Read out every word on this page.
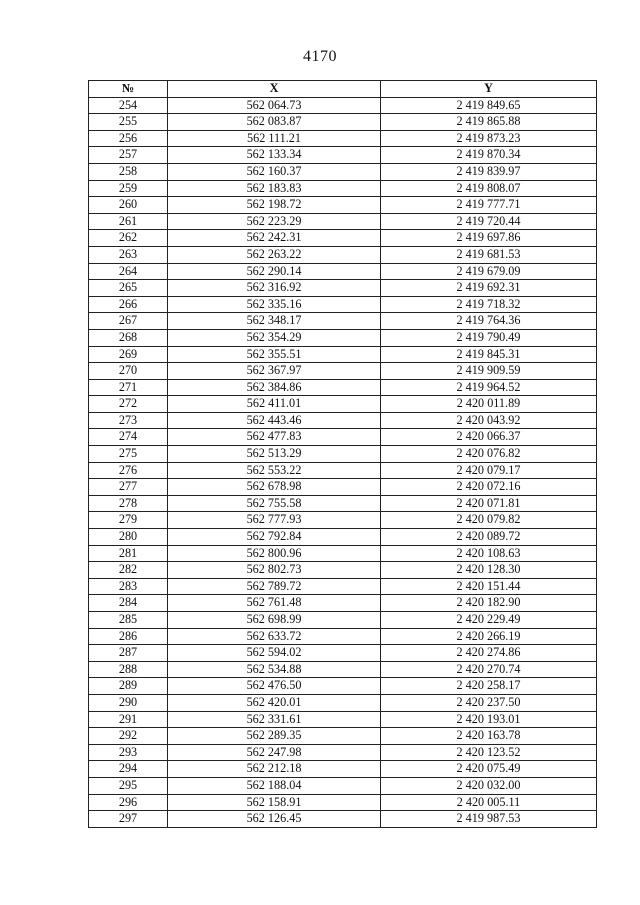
4170
№	X	Y
254	562 064.73	2 419 849.65
255	562 083.87	2 419 865.88
256	562 111.21	2 419 873.23
257	562 133.34	2 419 870.34
258	562 160.37	2 419 839.97
259	562 183.83	2 419 808.07
260	562 198.72	2 419 777.71
261	562 223.29	2 419 720.44
262	562 242.31	2 419 697.86
263	562 263.22	2 419 681.53
264	562 290.14	2 419 679.09
265	562 316.92	2 419 692.31
266	562 335.16	2 419 718.32
267	562 348.17	2 419 764.36
268	562 354.29	2 419 790.49
269	562 355.51	2 419 845.31
270	562 367.97	2 419 909.59
271	562 384.86	2 419 964.52
272	562 411.01	2 420 011.89
273	562 443.46	2 420 043.92
274	562 477.83	2 420 066.37
275	562 513.29	2 420 076.82
276	562 553.22	2 420 079.17
277	562 678.98	2 420 072.16
278	562 755.58	2 420 071.81
279	562 777.93	2 420 079.82
280	562 792.84	2 420 089.72
281	562 800.96	2 420 108.63
282	562 802.73	2 420 128.30
283	562 789.72	2 420 151.44
284	562 761.48	2 420 182.90
285	562 698.99	2 420 229.49
286	562 633.72	2 420 266.19
287	562 594.02	2 420 274.86
288	562 534.88	2 420 270.74
289	562 476.50	2 420 258.17
290	562 420.01	2 420 237.50
291	562 331.61	2 420 193.01
292	562 289.35	2 420 163.78
293	562 247.98	2 420 123.52
294	562 212.18	2 420 075.49
295	562 188.04	2 420 032.00
296	562 158.91	2 420 005.11
297	562 126.45	2 419 987.53
